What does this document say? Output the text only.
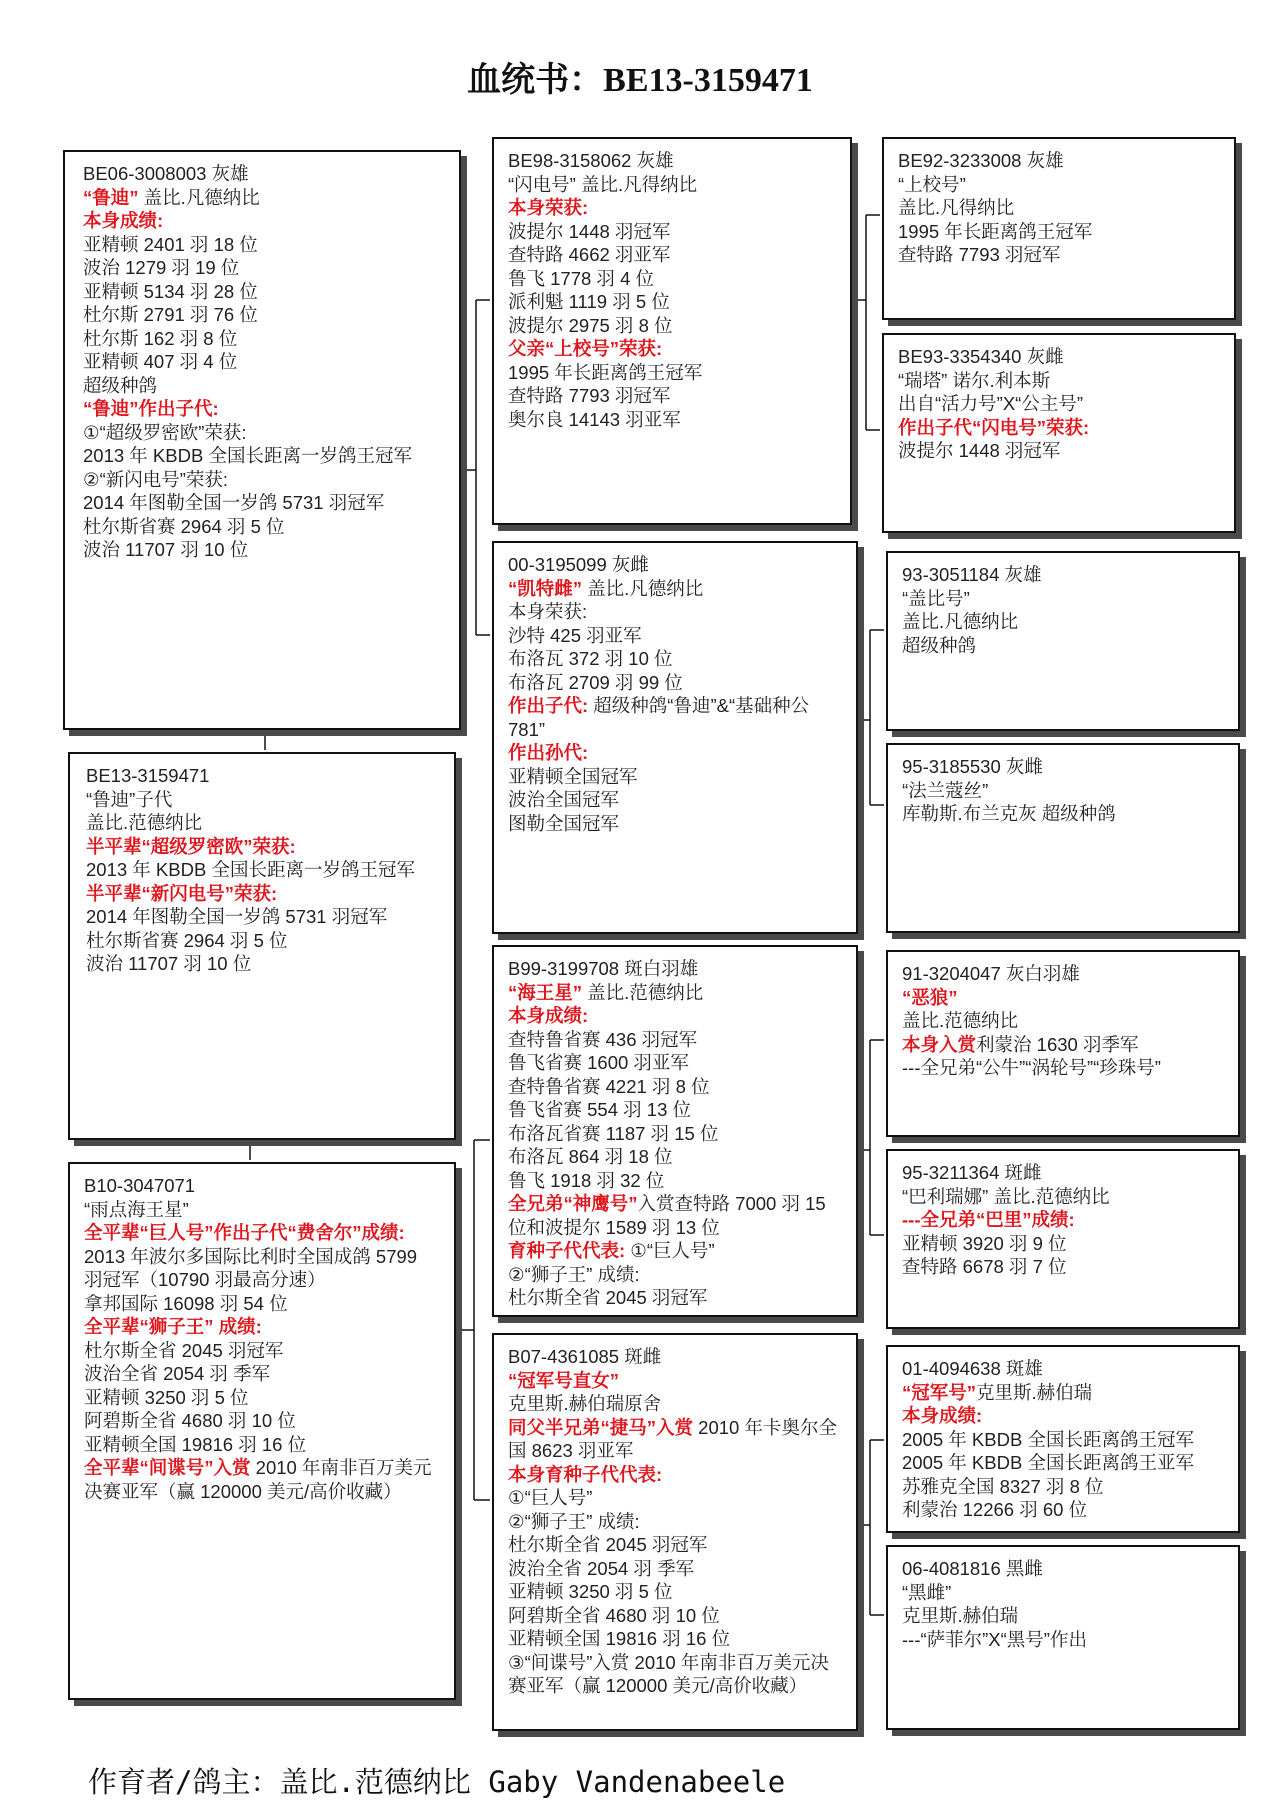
血统书：BE13-3159471
BE06-3008003 灰雄
“鲁迪” 盖比.凡德纳比
本身成绩:
亚精顿 2401 羽 18 位
波治 1279 羽 19 位
亚精顿 5134 羽 28 位
杜尔斯 2791 羽 76 位
杜尔斯 162 羽 8 位
亚精顿 407 羽 4 位
超级种鸽
“鲁迪”作出子代:
①“超级罗密欧”荣获:
2013 年 KBDB 全国长距离一岁鸽王冠军
②“新闪电号”荣获:
2014 年图勒全国一岁鸽 5731 羽冠军
杜尔斯省赛 2964 羽 5 位
波治 11707 羽 10 位
BE13-3159471
“鲁迪”子代
盖比.范德纳比
半平辈“超级罗密欧”荣获:
2013 年 KBDB 全国长距离一岁鸽王冠军
半平辈“新闪电号”荣获:
2014 年图勒全国一岁鸽 5731 羽冠军
杜尔斯省赛 2964 羽 5 位
波治 11707 羽 10 位
B10-3047071
“雨点海王星”
全平辈“巨人号”作出子代“费舍尔”成绩:
2013 年波尔多国际比利时全国成鸽 5799 羽冠军（10790 羽最高分速）
拿邦国际 16098 羽 54 位
全平辈“狮子王” 成绩:
杜尔斯全省 2045 羽冠军
波治全省 2054 羽 季军
亚精顿 3250 羽 5 位
阿碧斯全省 4680 羽 10 位
亚精顿全国 19816 羽 16 位
全平辈“间谍号”入赏 2010 年南非百万美元决赛亚军（赢 120000 美元/高价收藏）
BE98-3158062 灰雄
“闪电号” 盖比.凡得纳比
本身荣获:
波提尔 1448 羽冠军
查特路 4662 羽亚军
鲁飞 1778 羽 4 位
派利魁 1119 羽 5 位
波提尔 2975 羽 8 位
父亲“上校号”荣获:
1995 年长距离鸽王冠军
查特路 7793 羽冠军
奥尔良 14143 羽亚军
00-3195099 灰雌
“凯特雌” 盖比.凡德纳比
本身荣获:
沙特 425 羽亚军
布洛瓦 372 羽 10 位
布洛瓦 2709 羽 99 位
作出子代: 超级种鸽“鲁迪”&“基础种公 781”
作出孙代:
亚精顿全国冠军
波治全国冠军
图勒全国冠军
B99-3199708 斑白羽雄
“海王星” 盖比.范德纳比
本身成绩:
查特鲁省赛 436 羽冠军
鲁飞省赛 1600 羽亚军
查特鲁省赛 4221 羽 8 位
鲁飞省赛 554 羽 13 位
布洛瓦省赛 1187 羽 15 位
布洛瓦 864 羽 18 位
鲁飞 1918 羽 32 位
全兄弟“神鹰号”入赏查特路 7000 羽 15 位和波提尔 1589 羽 13 位
育种子代代表: ①“巨人号”
②“狮子王” 成绩:
杜尔斯全省 2045 羽冠军
B07-4361085 斑雌
“冠军号直女”
克里斯.赫伯瑞原舍
同父半兄弟“捷马”入赏 2010 年卡奥尔全国 8623 羽亚军
本身育种子代代表:
①“巨人号”
②“狮子王” 成绩:
杜尔斯全省 2045 羽冠军
波治全省 2054 羽 季军
亚精顿 3250 羽 5 位
阿碧斯全省 4680 羽 10 位
亚精顿全国 19816 羽 16 位
③“间谍号”入赏 2010 年南非百万美元决赛亚军（赢 120000 美元/高价收藏）
BE92-3233008 灰雄
“上校号”
盖比.凡得纳比
1995 年长距离鸽王冠军
查特路 7793 羽冠军
BE93-3354340 灰雌
“瑞塔” 诺尔.利本斯
出自“活力号”X“公主号”
作出子代“闪电号”荣获:
波提尔 1448 羽冠军
93-3051184 灰雄
“盖比号”
盖比.凡德纳比
超级种鸽
95-3185530 灰雌
“法兰蔻丝”
库勒斯.布兰克灰 超级种鸽
91-3204047 灰白羽雄
“恶狼”
盖比.范德纳比
本身入赏利蒙治 1630 羽季军
---全兄弟“公牛”“涡轮号”“珍珠号”
95-3211364 斑雌
“巴利瑞娜” 盖比.范德纳比
---全兄弟“巴里”成绩:
亚精顿 3920 羽 9 位
查特路 6678 羽 7 位
01-4094638 斑雄
“冠军号”克里斯.赫伯瑞
本身成绩:
2005 年 KBDB 全国长距离鸽王冠军
2005 年 KBDB 全国长距离鸽王亚军
苏雅克全国 8327 羽 8 位
利蒙治 12266 羽 60 位
06-4081816 黑雌
“黑雌”
克里斯.赫伯瑞
---“萨菲尔”X“黑号”作出
作育者/鸽主：盖比.范德纳比 Gaby Vandenabeele
